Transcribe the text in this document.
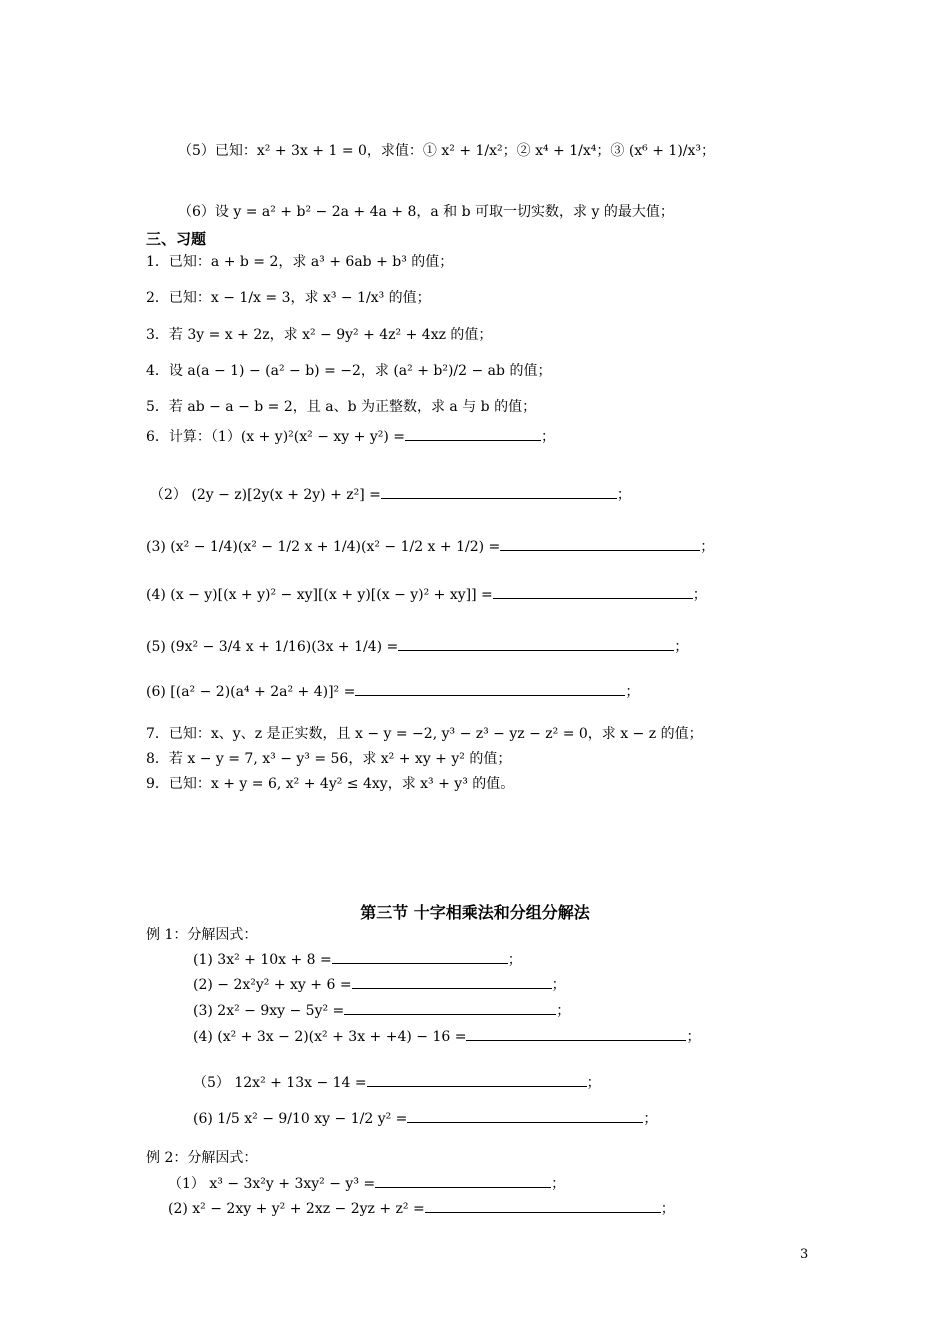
（5）已知：x² + 3x + 1 = 0，求值：① x² + 1/x²；② x⁴ + 1/x⁴；③ (x⁶ + 1)/x³；
（6）设 y = a² + b² − 2a + 4a + 8，a 和 b 可取一切实数，求 y 的最大值；
三、习题
1．已知：a + b = 2，求 a³ + 6ab + b³ 的值；
2．已知：x − 1/x = 3，求 x³ − 1/x³ 的值；
3．若 3y = x + 2z，求 x² − 9y² + 4z² + 4xz 的值；
4．设 a(a − 1) − (a² − b) = −2，求 (a² + b²)/2 − ab 的值；
5．若 ab − a − b = 2，且 a、b 为正整数，求 a 与 b 的值；
6．计算：（1）(x + y)²(x² − xy + y²) =	；
（2） (2y − z)[2y(x + 2y) + z²] =	；
(3) (x² − 1/4)(x² − 1/2 x + 1/4)(x² − 1/2 x + 1/2) =	；
(4) (x − y)[(x + y)² − xy][(x + y)[(x − y)² + xy]] =	；
(5) (9x² − 3/4 x + 1/16)(3x + 1/4) =	；
(6) [(a² − 2)(a⁴ + 2a² + 4)]² =	；
7．已知：x、y、z 是正实数，且 x − y = −2, y³ − z³ − yz − z² = 0，求 x − z 的值；
8．若 x − y = 7, x³ − y³ = 56，求 x² + xy + y² 的值；
9．已知：x + y = 6, x² + 4y² ≤ 4xy，求 x³ + y³ 的值。
第三节 十字相乘法和分组分解法
例 1：分解因式：
(1) 3x² + 10x + 8 =	；
(2) − 2x²y² + xy + 6 =	；
(3) 2x² − 9xy − 5y² =	；
(4) (x² + 3x − 2)(x² + 3x + +4) − 16 =	；
（5） 12x² + 13x − 14 =	；
(6) 1/5 x² − 9/10 xy − 1/2 y² =	；
例 2：分解因式：
（1） x³ − 3x²y + 3xy² − y³ =	；
(2) x² − 2xy + y² + 2xz − 2yz + z² =	；
3
